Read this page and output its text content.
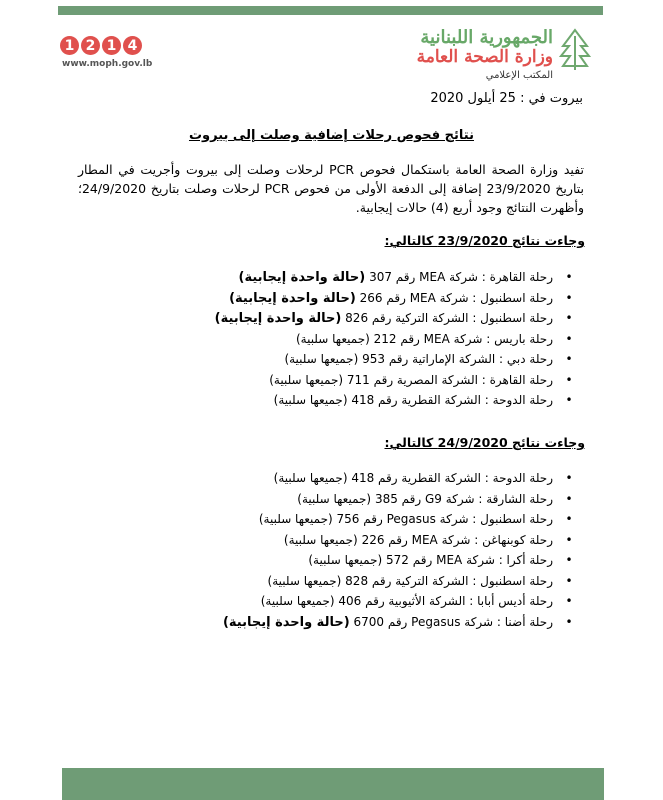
1 2 1 4
www.moph.gov.lb
الجمهورية اللبنانية
وزارة الصحة العامة
المكتب الإعلامي
بيروت في : 25 أيلول 2020
نتائج فحوص رحلات إضافية وصلت إلى بيروت
تفيد وزارة الصحة العامة باستكمال فحوص PCR لرحلات وصلت إلى بيروت وأجريت في المطار بتاريخ 23/9/2020 إضافة إلى الدفعة الأولى من فحوص PCR لرحلات وصلت بتاريخ 24/9/2020؛ وأظهرت النتائج وجود أربع (4) حالات إيجابية.
وجاءت نتائج 23/9/2020 كالتالي:
• رحلة القاهرة : شركة MEA رقم 307 (حالة واحدة إيجابية)
• رحلة اسطنبول : شركة MEA رقم 266 (حالة واحدة إيجابية)
• رحلة اسطنبول : الشركة التركية رقم 826 (حالة واحدة إيجابية)
• رحلة باريس : شركة MEA رقم 212 (جميعها سلبية)
• رحلة دبي : الشركة الإماراتية رقم 953 (جميعها سلبية)
• رحلة القاهرة : الشركة المصرية رقم 711 (جميعها سلبية)
• رحلة الدوحة : الشركة القطرية رقم 418 (جميعها سلبية)
وجاءت نتائج 24/9/2020 كالتالي:
• رحلة الدوحة : الشركة القطرية رقم 418 (جميعها سلبية)
• رحلة الشارقة : شركة G9 رقم 385 (جميعها سلبية)
• رحلة اسطنبول : شركة Pegasus رقم 756 (جميعها سلبية)
• رحلة كوبنهاغن : شركة MEA رقم 226 (جميعها سلبية)
• رحلة أكرا : شركة MEA رقم 572 (جميعها سلبية)
• رحلة اسطنبول : الشركة التركية رقم 828 (جميعها سلبية)
• رحلة أديس أبابا : الشركة الأثيوبية رقم 406 (جميعها سلبية)
• رحلة أضنا : شركة Pegasus رقم 6700 (حالة واحدة إيجابية)
